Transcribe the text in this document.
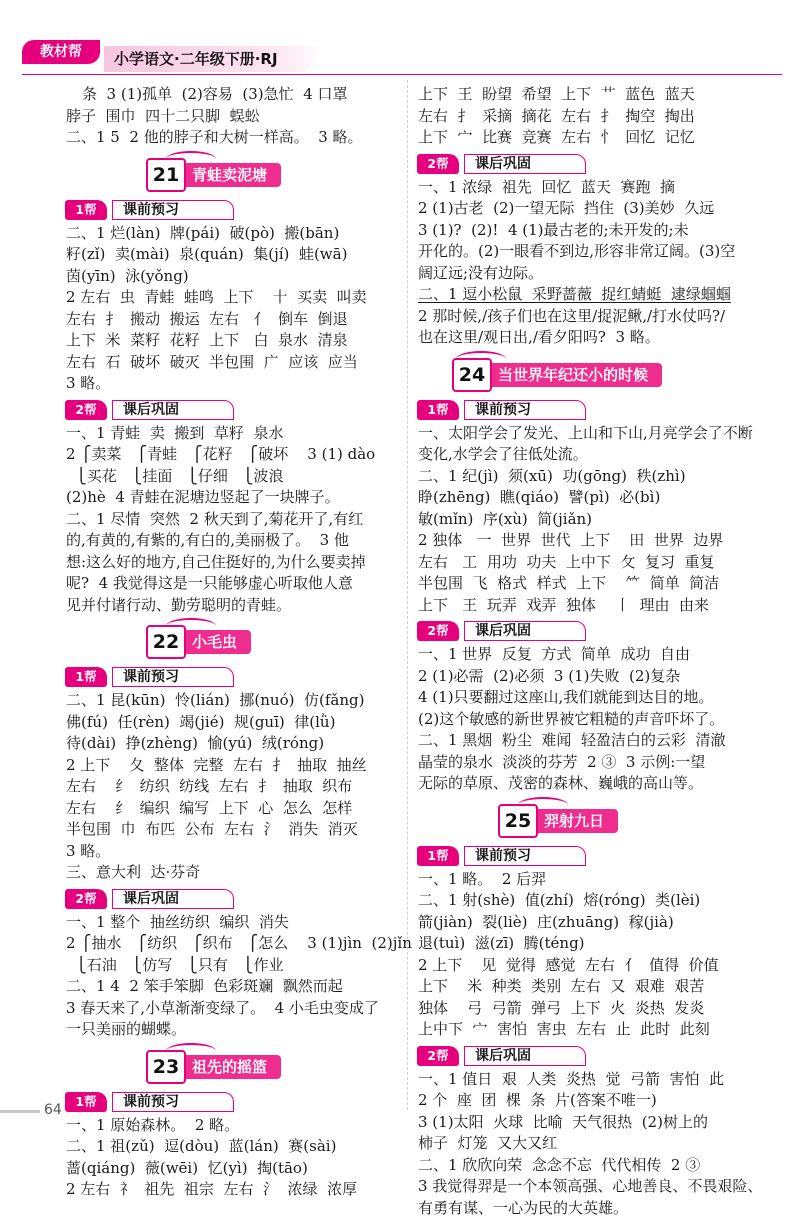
教材帮	小学语文·二年级下册·RJ
条  3 (1)孤单  (2)容易  (3)急忙  4 口罩
脖子  围巾  四十二只脚  蜈蚣
二、1 5  2 他的脖子和大树一样高。  3 略。
21 青蛙卖泥塘
1帮	课前预习
二、1 烂(làn)  牌(pái)  破(pò)  搬(bān)
籽(zǐ)  卖(mài)  泉(quán)  集(jí)  蛙(wā)
茵(yīn)  泳(yǒng)
2 左右  虫  青蛙  蛙鸣  上下    十  买卖  叫卖
左右  扌  搬动  搬运  左右   亻  倒车  倒退
上下  米  菜籽  花籽  上下   白  泉水  清泉
左右  石  破坏  破灭  半包围  广  应该  应当
3 略。
2帮	课后巩固
一、1 青蛙  卖  搬到  草籽  泉水
2 ⎧卖菜   ⎧青蛙   ⎧花籽   ⎧破坏    3 (1) dào
⎩买花   ⎩挂面   ⎩仔细   ⎩波浪
(2)hè  4 青蛙在泥塘边竖起了一块牌子。
二、1 尽情  突然  2 秋天到了,菊花开了,有红
的,有黄的,有紫的,有白的,美丽极了。  3 他
想:这么好的地方,自己住挺好的,为什么要卖掉
呢?  4 我觉得这是一只能够虚心听取他人意
见并付诸行动、勤劳聪明的青蛙。
22 小毛虫
1帮	课前预习
二、1 昆(kūn)  怜(lián)  挪(nuó)  仿(fǎng)
佛(fú)  任(rèn)  竭(jié)  规(guī)  律(lǜ)
待(dài)  挣(zhèng)  愉(yú)  绒(róng)
2 上下    夂  整体  完整  左右  扌  抽取  抽丝
左右    纟  纺织  纺线  左右  扌  抽取  织布
左右    纟  编织  编写  上下  心  怎么  怎样
半包围  巾  布匹  公布  左右  氵  消失  消灭
3 略。
三、意大利  达·芬奇
2帮	课后巩固
一、1 整个  抽丝纺织  编织  消失
2 ⎧抽水   ⎧纺织   ⎧织布   ⎧怎么    3 (1)jìn  (2)jǐn
⎩石油   ⎩仿写   ⎩只有   ⎩作业
二、1 4  2 笨手笨脚  色彩斑斓  飘然而起
3 春天来了,小草渐渐变绿了。  4 小毛虫变成了
一只美丽的蝴蝶。
23 祖先的摇篮
1帮	课前预习
一、1 原始森林。  2 略。
二、1 祖(zǔ)  逗(dòu)  蓝(lán)  赛(sài)
蔷(qiáng)  薇(wēi)  忆(yì)  掏(tāo)
2 左右  礻  祖先  祖宗  左右  氵  浓绿  浓厚
上下  王  盼望  希望  上下  艹  蓝色  蓝天
左右  扌  采摘  摘花  左右  扌  掏空  掏出
上下  宀  比赛  竞赛  左右  忄  回忆  记忆
2帮	课后巩固
一、1 浓绿  祖先  回忆  蓝天  赛跑  摘
2 (1)古老  (2)一望无际  挡住  (3)美妙  久远
3 (1)?  (2)!  4 (1)最古老的;未开发的;未
开化的。(2)一眼看不到边,形容非常辽阔。(3)空
阔辽远;没有边际。
二、1 逗小松鼠  采野蔷薇  捉红蜻蜓  逮绿蝈蝈
2 那时候,/孩子们也在这里/捉泥鳅,/打水仗吗?/
也在这里/观日出,/看夕阳吗?  3 略。
24 当世界年纪还小的时候
1帮	课前预习
一、太阳学会了发光、上山和下山,月亮学会了不断
变化,水学会了往低处流。
二、1 纪(jì)  须(xū)  功(gōng)  秩(zhì)
睁(zhēng)  瞧(qiáo)  譬(pì)  必(bì)
敏(mǐn)  序(xù)  简(jiǎn)
2 独体   一  世界  世代  上下    田  世界  边界
左右   工  用功  功夫  上中下  攵  复习  重复
半包围  飞  格式  样式  上下    ⺮  简单  简洁
上下   王  玩弄  戏弄  独体    丨  理由  由来
2帮	课后巩固
一、1 世界  反复  方式  简单  成功  自由
2 (1)必需  (2)必须  3 (1)失败  (2)复杂
4 (1)只要翻过这座山,我们就能到达目的地。
(2)这个敏感的新世界被它粗糙的声音吓坏了。
二、1 黑烟  粉尘  难闻  轻盈洁白的云彩  清澈
晶莹的泉水  淡淡的芬芳  2 ③  3 示例:一望
无际的草原、茂密的森林、巍峨的高山等。
25 羿射九日
1帮	课前预习
一、1 略。  2 后羿
二、1 射(shè)  值(zhí)  熔(róng)  类(lèi)
箭(jiàn)  裂(liè)  庄(zhuāng)  稼(jià)
退(tuì)  滋(zī)  腾(téng)
2 上下    见  觉得  感觉  左右  亻  值得  价值
上下    米  种类  类别  左右  又  艰难  艰苦
独体    弓  弓箭  弹弓  上下  火  炎热  发炎
上中下  宀  害怕  害虫  左右  止  此时  此刻
2帮	课后巩固
一、1 值日  艰  人类  炎热  觉  弓箭  害怕  此
2 个  座  团  棵  条  片(答案不唯一)
3 (1)太阳  火球  比喻  天气很热  (2)树上的
柿子  灯笼  又大又红
二、1 欣欣向荣  念念不忘  代代相传  2 ③
3 我觉得羿是一个本领高强、心地善良、不畏艰险、
有勇有谋、一心为民的大英雄。
64
